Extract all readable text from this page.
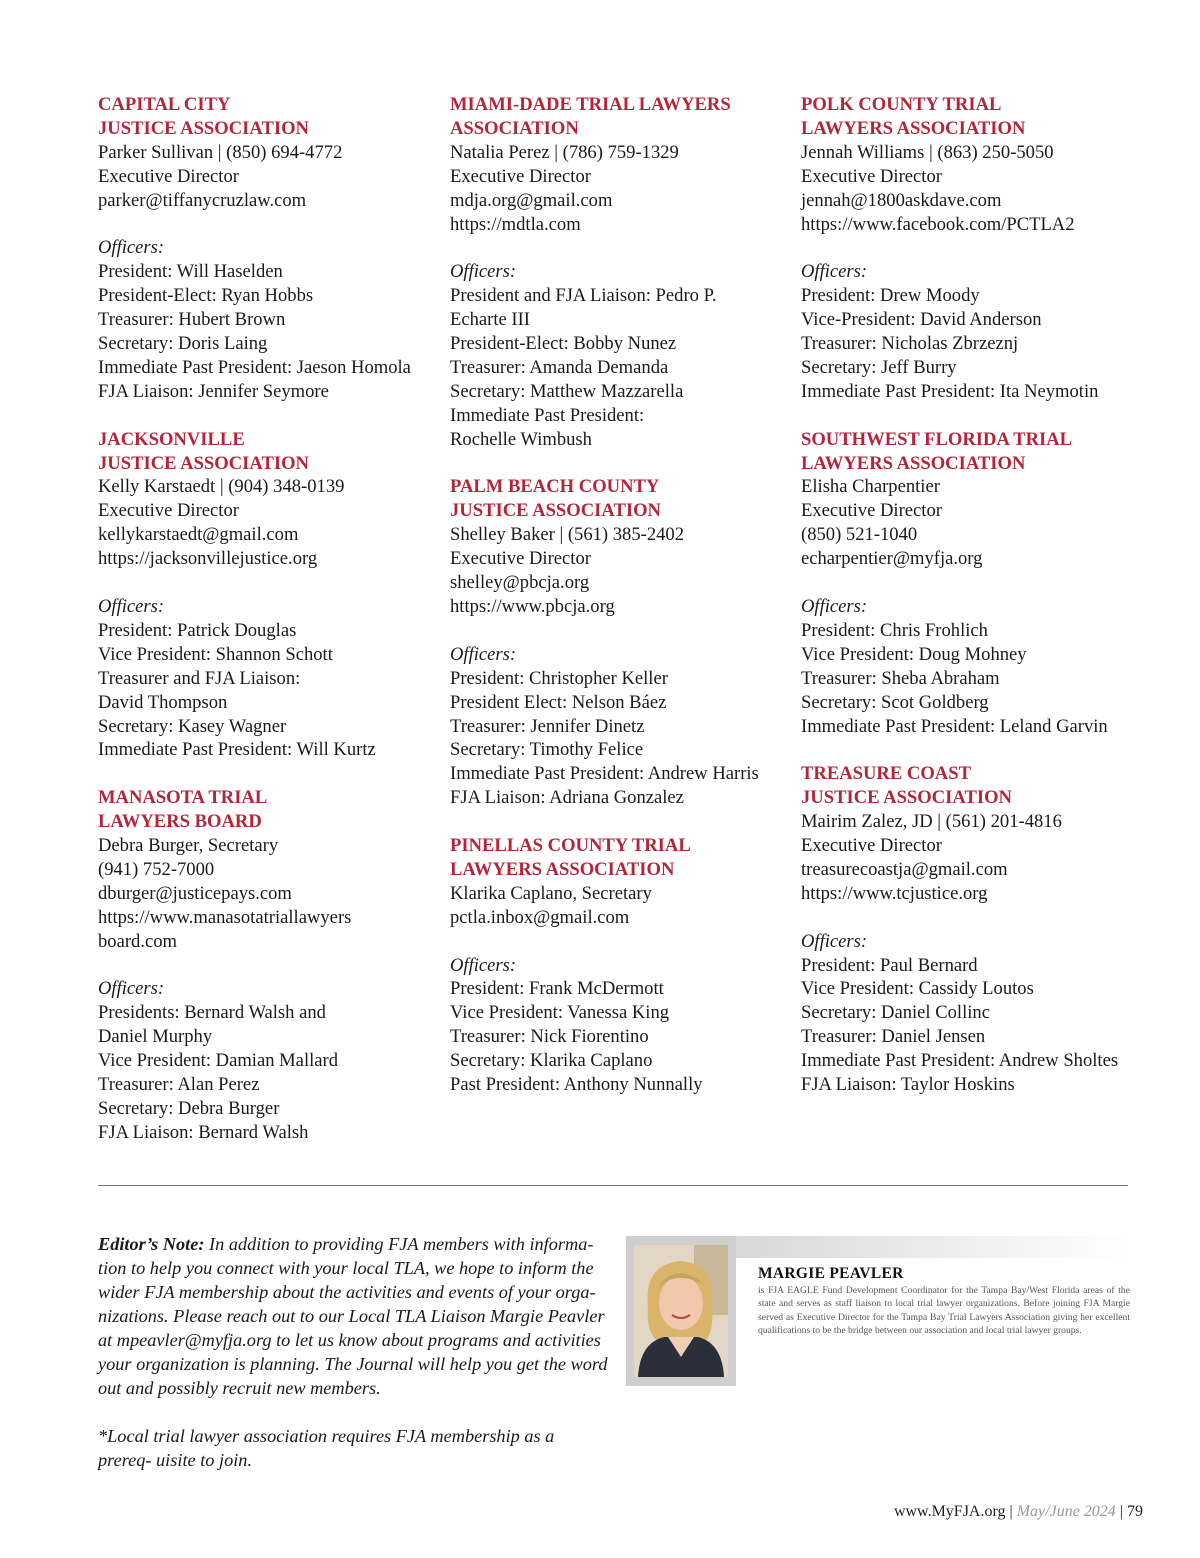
CAPITAL CITY
JUSTICE ASSOCIATION
Parker Sullivan | (850) 694-4772
Executive Director
parker@tiffanycruzlaw.com
Officers:
President: Will Haselden
President-Elect: Ryan Hobbs
Treasurer: Hubert Brown
Secretary: Doris Laing
Immediate Past President: Jaeson Homola
FJA Liaison: Jennifer Seymore
JACKSONVILLE
JUSTICE ASSOCIATION
Kelly Karstaedt | (904) 348-0139
Executive Director
kellykarstaedt@gmail.com
https://jacksonvillejustice.org
Officers:
President: Patrick Douglas
Vice President: Shannon Schott
Treasurer and FJA Liaison:
David Thompson
Secretary: Kasey Wagner
Immediate Past President: Will Kurtz
MANASOTA TRIAL
LAWYERS BOARD
Debra Burger, Secretary
(941) 752-7000
dburger@justicepays.com
https://www.manasotatriallawyers
board.com
Officers:
Presidents: Bernard Walsh and
Daniel Murphy
Vice President: Damian Mallard
Treasurer: Alan Perez
Secretary: Debra Burger
FJA Liaison: Bernard Walsh
MIAMI-DADE TRIAL LAWYERS
ASSOCIATION
Natalia Perez | (786) 759-1329
Executive Director
mdja.org@gmail.com
https://mdtla.com
Officers:
President and FJA Liaison: Pedro P.
Echarte III
President-Elect: Bobby Nunez
Treasurer: Amanda Demanda
Secretary: Matthew Mazzarella
Immediate Past President:
Rochelle Wimbush
PALM BEACH COUNTY
JUSTICE ASSOCIATION
Shelley Baker | (561) 385-2402
Executive Director
shelley@pbcja.org
https://www.pbcja.org
Officers:
President: Christopher Keller
President Elect: Nelson Báez
Treasurer: Jennifer Dinetz
Secretary: Timothy Felice
Immediate Past President: Andrew Harris
FJA Liaison: Adriana Gonzalez
PINELLAS COUNTY TRIAL
LAWYERS ASSOCIATION
Klarika Caplano, Secretary
pctla.inbox@gmail.com
Officers:
President: Frank McDermott
Vice President: Vanessa King
Treasurer: Nick Fiorentino
Secretary: Klarika Caplano
Past President: Anthony Nunnally
POLK COUNTY TRIAL
LAWYERS ASSOCIATION
Jennah Williams | (863) 250-5050
Executive Director
jennah@1800askdave.com
https://www.facebook.com/PCTLA2
Officers:
President: Drew Moody
Vice-President: David Anderson
Treasurer: Nicholas Zbrzeznj
Secretary: Jeff Burry
Immediate Past President: Ita Neymotin
SOUTHWEST FLORIDA TRIAL
LAWYERS ASSOCIATION
Elisha Charpentier
Executive Director
(850) 521-1040
echarpentier@myfja.org
Officers:
President: Chris Frohlich
Vice President: Doug Mohney
Treasurer: Sheba Abraham
Secretary: Scot Goldberg
Immediate Past President: Leland Garvin
TREASURE COAST
JUSTICE ASSOCIATION
Mairim Zalez, JD | (561) 201-4816
Executive Director
treasurecoastja@gmail.com
https://www.tcjustice.org
Officers:
President: Paul Bernard
Vice President: Cassidy Loutos
Secretary: Daniel Collinc
Treasurer: Daniel Jensen
Immediate Past President: Andrew Sholtes
FJA Liaison: Taylor Hoskins

Editor’s Note: In addition to providing FJA members with informa- tion to help you connect with your local TLA, we hope to inform the wider FJA membership about the activities and events of your orga- nizations. Please reach out to our Local TLA Liaison Margie Peavler at mpeavler@myfja.org to let us know about programs and activities your organization is planning. The Journal will help you get the word out and possibly recruit new members.

*Local trial lawyer association requires FJA membership as a prereq- uisite to join.

MARGIE PEAVLER
is FJA EAGLE Fund Development Coordinator for the Tampa Bay/West Florida areas of the state and serves as staff liaison to local trial lawyer organizations. Before joining FJA Margie served as Executive Director for the Tampa Bay Trial Lawyers Association giving her excellent qualifications to be the bridge between our association and local trial lawyer groups.
www.MyFJA.org | May/June 2024 | 79
